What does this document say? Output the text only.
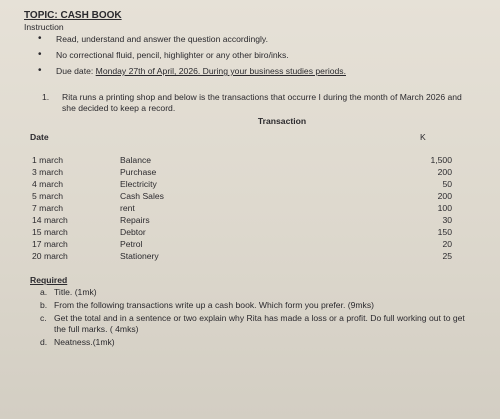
TOPIC: CASH BOOK
Instruction
• Read, understand and answer the question accordingly.
• No correctional fluid, pencil, highlighter or any other biro/inks.
• Due date: Monday 27th of April, 2026. During your business studies periods.
1.	Rita runs a printing shop and below is the transactions that occurre I during the month of March 2026 and she decided to keep a record.
Transaction
Date	K
1 march	Balance	1,500
3 march	Purchase	200
4 march	Electricity	50
5 march	Cash Sales	200
7 march	rent	100
14 march	Repairs	30
15 march	Debtor	150
17 march	Petrol	20
20 march	Stationery	25
Required
a. Title. (1mk)
b. From the following transactions write up a cash book. Which form you prefer. (9mks)
c. Get the total and in a sentence or two explain why Rita has made a loss or a profit. Do full working out to get the full marks. ( 4mks)
d. Neatness.(1mk)
